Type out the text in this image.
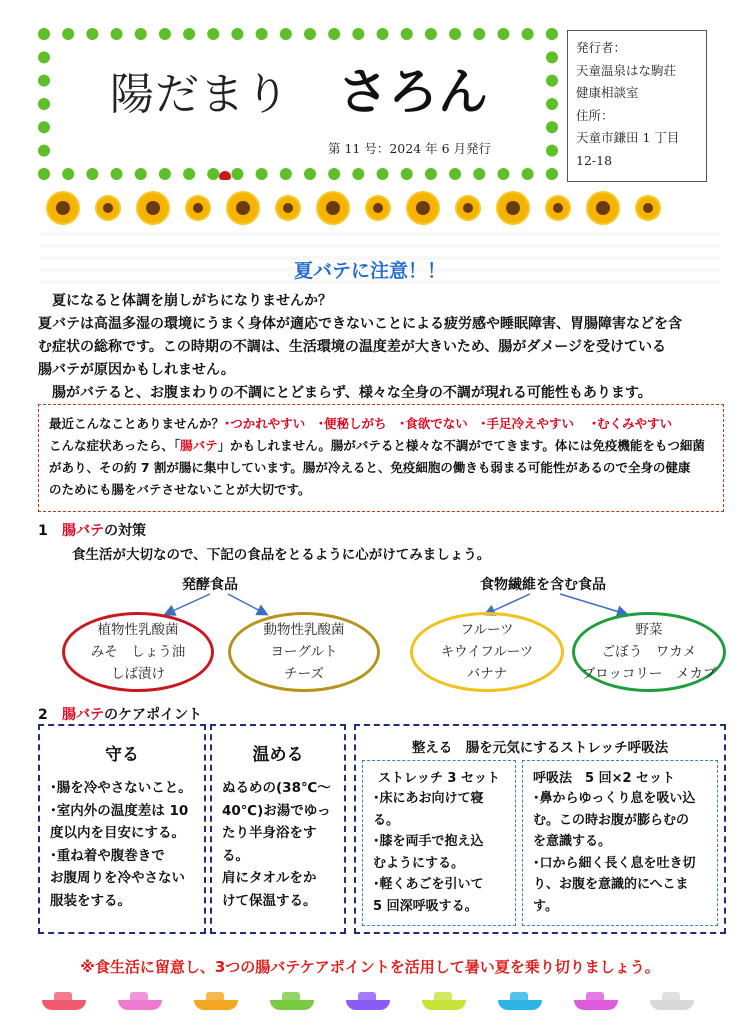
陽だまり さろん
第 11 号：2024 年 6 月発行
発行者：
天童温泉はな駒荘
健康相談室
住所：
天童市鎌田 1 丁目
12-18
夏バテに注意！！
　夏になると体調を崩しがちになりませんか？
夏バテは高温多湿の環境にうまく身体が適応できないことによる疲労感や睡眠障害、胃腸障害などを含
む症状の総称です。この時期の不調は、生活環境の温度差が大きいため、腸がダメージを受けている
腸バテが原因かもしれません。
　腸がバテると、お腹まわりの不調にとどまらず、様々な全身の不調が現れる可能性もあります。
最近こんなことありませんか？･つかれやすい　･便秘しがち　･食欲でない　･手足冷えやすい　 ･むくみやすい
こんな症状あったら、「腸バテ」かもしれません。腸がバテると様々な不調がでてきます。体には免疫機能をもつ細菌
があり、その約 7 割が腸に集中しています。腸が冷えると、免疫細胞の働きも弱まる可能性があるので全身の健康
のためにも腸をバテさせないことが大切です。
1 腸バテの対策
食生活が大切なので、下記の食品をとるように心がけてみましょう。
発酵食品	食物繊維を含む食品
植物性乳酸菌
みそ　しょう油
しば漬け
動物性乳酸菌
ヨーグルト
チーズ
フルーツ
キウイフルーツ
バナナ
野菜
ごぼう　ワカメ
ブロッコリー　メカブ
2 腸バテのケアポイント
守る
･腸を冷やさないこと。
･室内外の温度差は 10
度以内を目安にする。
･重ね着や腹巻きで
お腹周りを冷やさない
服装をする。
温める
ぬるめの(38℃～
40℃)お湯でゆっ
たり半身浴をす
る。
肩にタオルをか
けて保温する。
整える　腸を元気にするストレッチ呼吸法
ストレッチ 3 セット
･床にあお向けて寝
る。
･膝を両手で抱え込
むようにする。
･軽くあごを引いて
5 回深呼吸する。
呼吸法　5 回×2 セット
･鼻からゆっくり息を吸い込
む。この時お腹が膨らむの
を意識する。
･口から細く長く息を吐き切
り、お腹を意識的にへこま
す。
※食生活に留意し、3つの腸バテケアポイントを活用して暑い夏を乗り切りましょう。
